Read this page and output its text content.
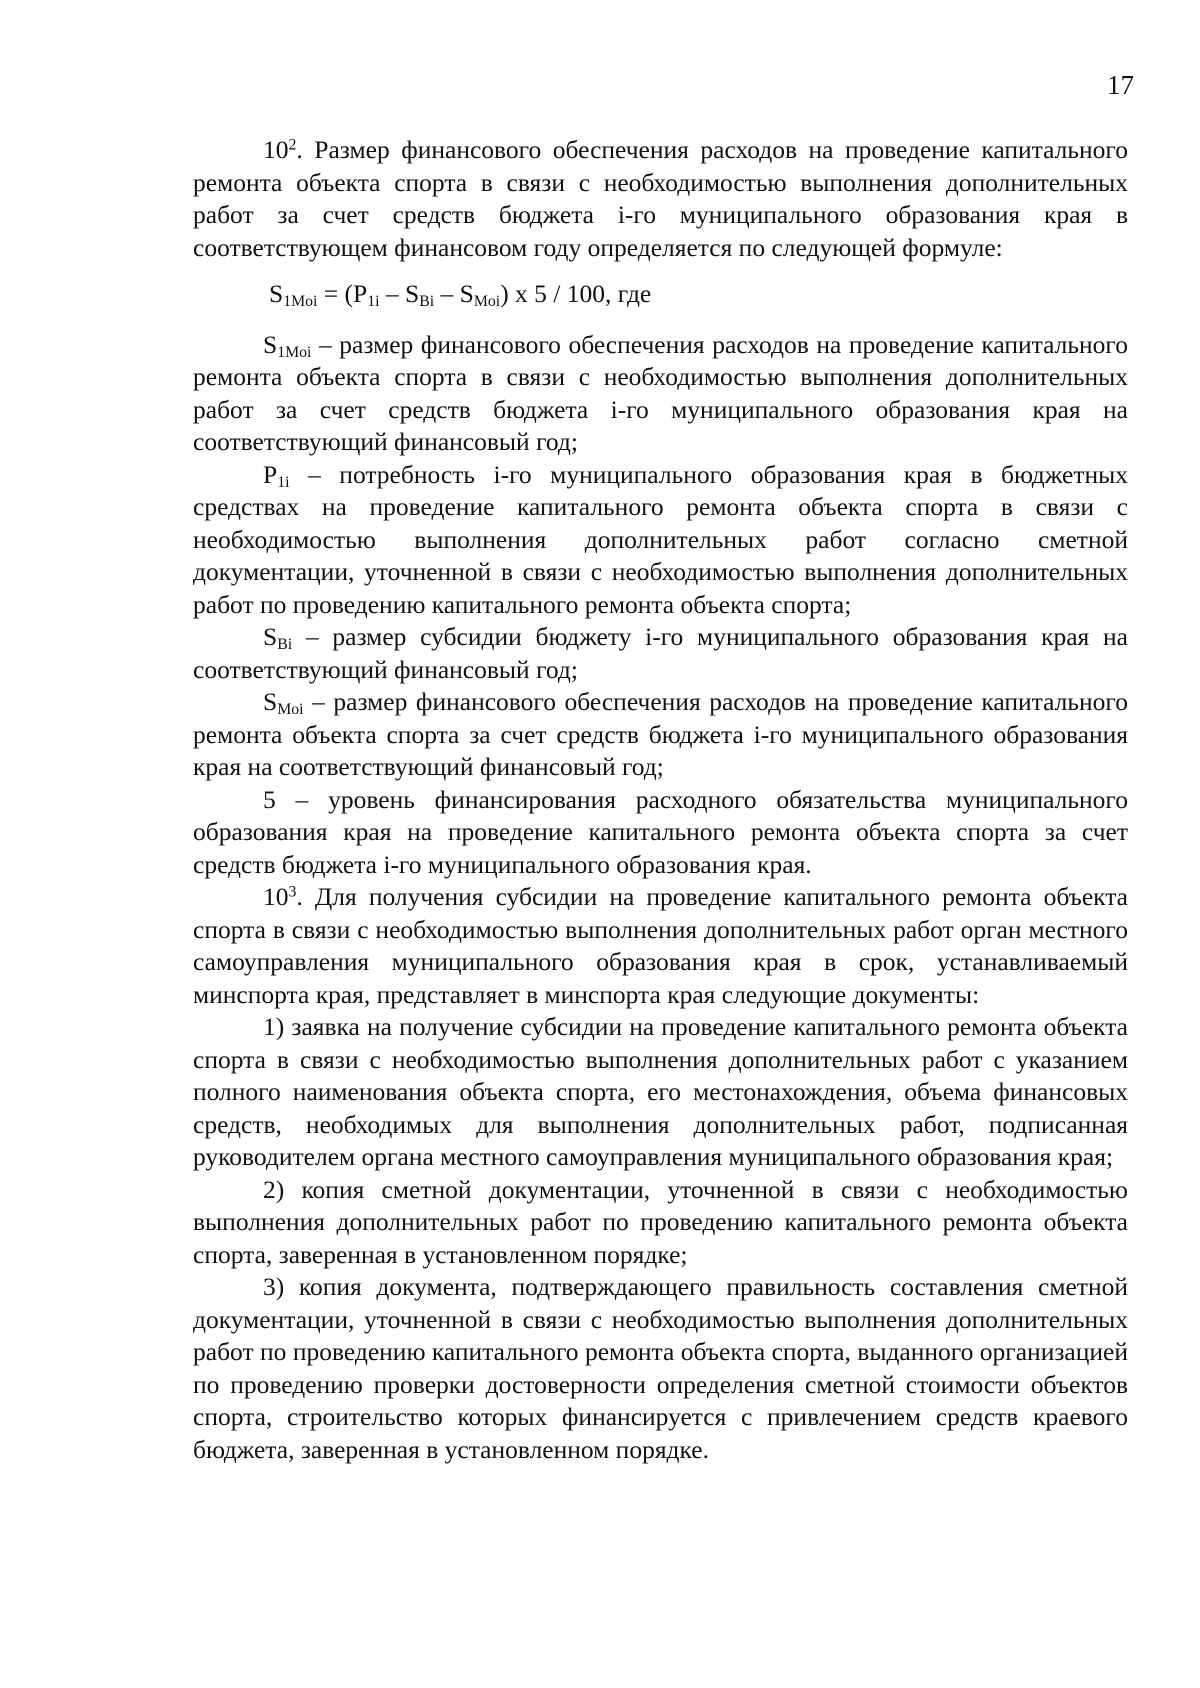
17

$10^2$. Размер финансового обеспечения расходов на проведение капитального ремонта объекта спорта в связи с необходимостью выполнения дополнительных работ за счет средств бюджета i-го муниципального образования края в соответствующем финансовом году определяется по следующей формуле:

$S_{1Moi} = (P_{1i} - S_{Bi} - S_{Moi})$ x 5 / 100, где

$S_{1Moi}$ – размер финансового обеспечения расходов на проведение капитального ремонта объекта спорта в связи с необходимостью выполнения дополнительных работ за счет средств бюджета i-го муниципального образования края на соответствующий финансовый год;

$P_{1i}$ – потребность i-го муниципального образования края в бюджетных средствах на проведение капитального ремонта объекта спорта в связи с необходимостью выполнения дополнительных работ согласно сметной документации, уточненной в связи с необходимостью выполнения дополнительных работ по проведению капитального ремонта объекта спорта;

$S_{Bi}$ – размер субсидии бюджету i-го муниципального образования края на соответствующий финансовый год;

$S_{Moi}$ – размер финансового обеспечения расходов на проведение капитального ремонта объекта спорта за счет средств бюджета i-го муниципального образования края на соответствующий финансовый год;

5 – уровень финансирования расходного обязательства муниципального образования края на проведение капитального ремонта объекта спорта за счет средств бюджета i-го муниципального образования края.

$10^3$. Для получения субсидии на проведение капитального ремонта объекта спорта в связи с необходимостью выполнения дополнительных работ орган местного самоуправления муниципального образования края в срок, устанавливаемый минспорта края, представляет в минспорта края следующие документы:

1) заявка на получение субсидии на проведение капитального ремонта объекта спорта в связи с необходимостью выполнения дополнительных работ с указанием полного наименования объекта спорта, его местонахождения, объема финансовых средств, необходимых для выполнения дополнительных работ, подписанная руководителем органа местного самоуправления муниципального образования края;

2) копия сметной документации, уточненной в связи с необходимостью выполнения дополнительных работ по проведению капитального ремонта объекта спорта, заверенная в установленном порядке;

3) копия документа, подтверждающего правильность составления сметной документации, уточненной в связи с необходимостью выполнения дополнительных работ по проведению капитального ремонта объекта спорта, выданного организацией по проведению проверки достоверности определения сметной стоимости объектов спорта, строительство которых финансируется с привлечением средств краевого бюджета, заверенная в установленном порядке.
